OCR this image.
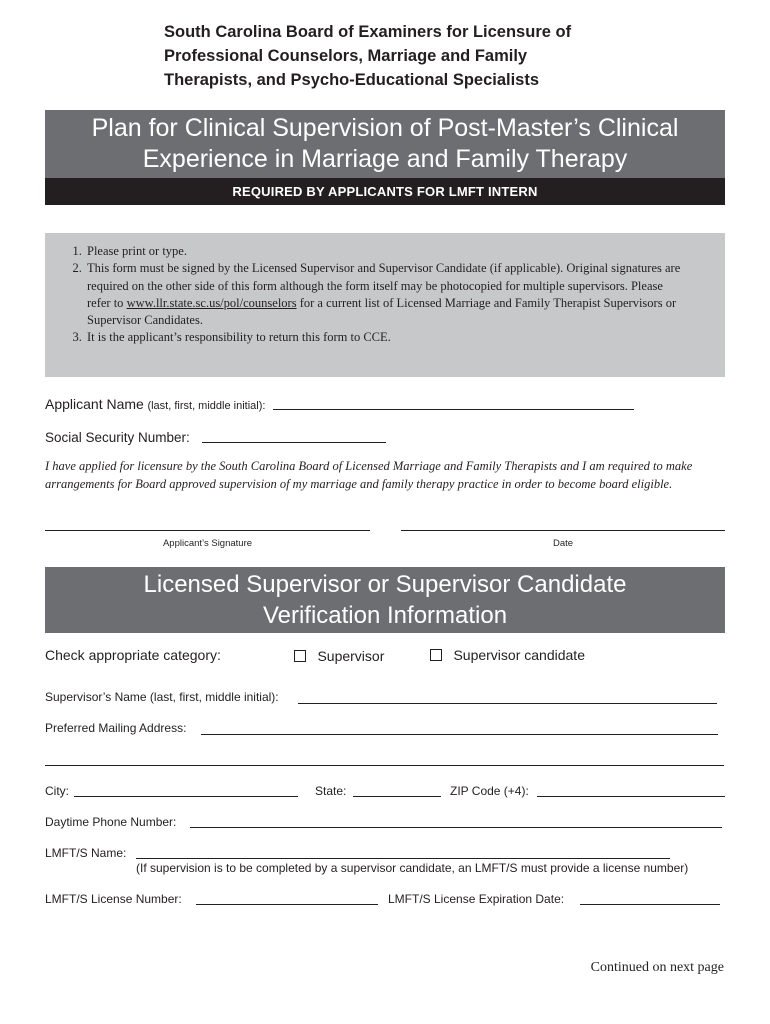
South Carolina Board of Examiners for Licensure of
Professional Counselors, Marriage and Family
Therapists, and Psycho-Educational Specialists
Plan for Clinical Supervision of Post-Master’s Clinical
Experience in Marriage and Family Therapy
REQUIRED BY APPLICANTS FOR LMFT INTERN
1. Please print or type.
2. This form must be signed by the Licensed Supervisor and Supervisor Candidate (if applicable). Original signatures are required on the other side of this form although the form itself may be photocopied for multiple supervisors. Please refer to www.llr.state.sc.us/pol/counselors for a current list of Licensed Marriage and Family Therapist Supervisors or Supervisor Candidates.
3. It is the applicant’s responsibility to return this form to CCE.
Applicant Name (last, first, middle initial):
Social Security Number:
I have applied for licensure by the South Carolina Board of Licensed Marriage and Family Therapists and I am required to make arrangements for Board approved supervision of my marriage and family therapy practice in order to become board eligible.
Applicant’s Signature	Date
Licensed Supervisor or Supervisor Candidate
Verification Information
Check appropriate category:	Supervisor	Supervisor candidate
Supervisor’s Name (last, first, middle initial):
Preferred Mailing Address:
City:	State:	ZIP Code (+4):
Daytime Phone Number:
LMFT/S Name:
(If supervision is to be completed by a supervisor candidate, an LMFT/S must provide a license number)
LMFT/S License Number:	LMFT/S License Expiration Date:
Continued on next page
